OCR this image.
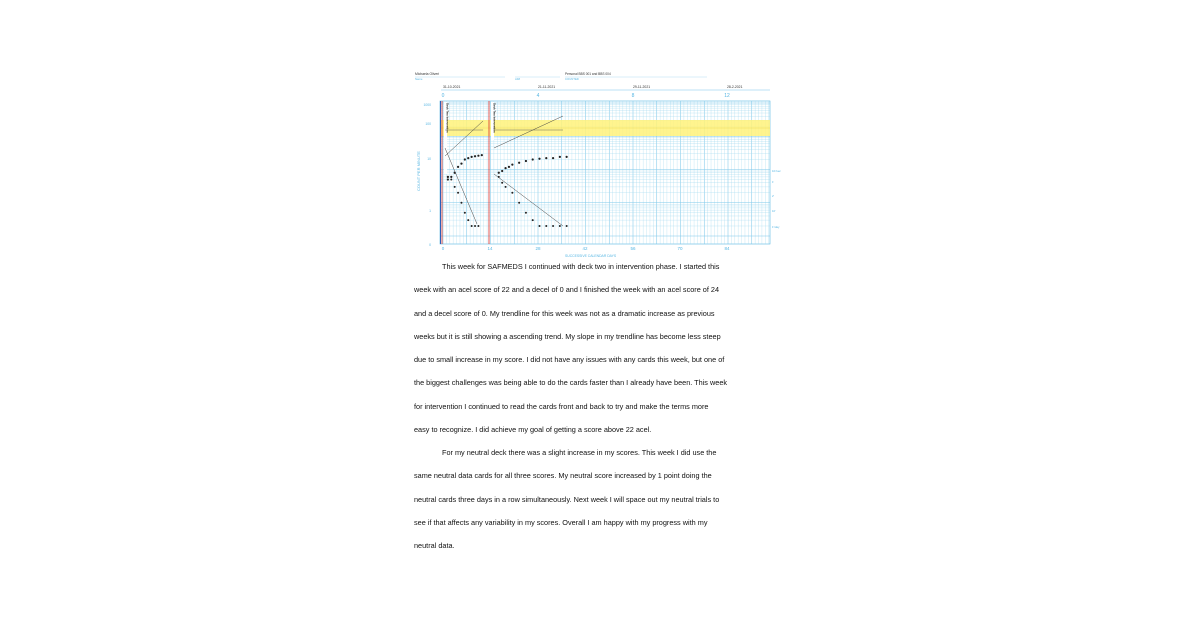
Michaela Oliveri
Name	AIM
Personal BBS 001 and BBS 004
COUNTED
31-10-2021	21-11-2021	29-11-2021	28-2-2021
0	4	8	12
Deck Two Intervention	Deck Two Intervention
1000
100
10
1
0
COUNT PER MINUTE	10'/sec
1'
2'
10'
1'/day
0	14	28	42	56	70	84
SUCCESSIVE CALENDAR DAYS
This week for SAFMEDS I continued with deck two in intervention phase. I started this
week with an acel score of 22 and a decel of 0 and I finished the week with an acel score of 24
and a decel score of 0. My trendline for this week was not as a dramatic increase as previous
weeks but it is still showing a ascending trend. My slope in my trendline has become less steep
due to small increase in my score. I did not have any issues with any cards this week, but one of
the biggest challenges was being able to do the cards faster than I already have been. This week
for intervention I continued to read the cards front and back to try and make the terms more
easy to recognize. I did achieve my goal of getting a score above 22 acel.
For my neutral deck there was a slight increase in my scores. This week I did use the
same neutral data cards for all three scores. My neutral score increased by 1 point doing the
neutral cards three days in a row simultaneously. Next week I will space out my neutral trials to
see if that affects any variability in my scores. Overall I am happy with my progress with my
neutral data.
